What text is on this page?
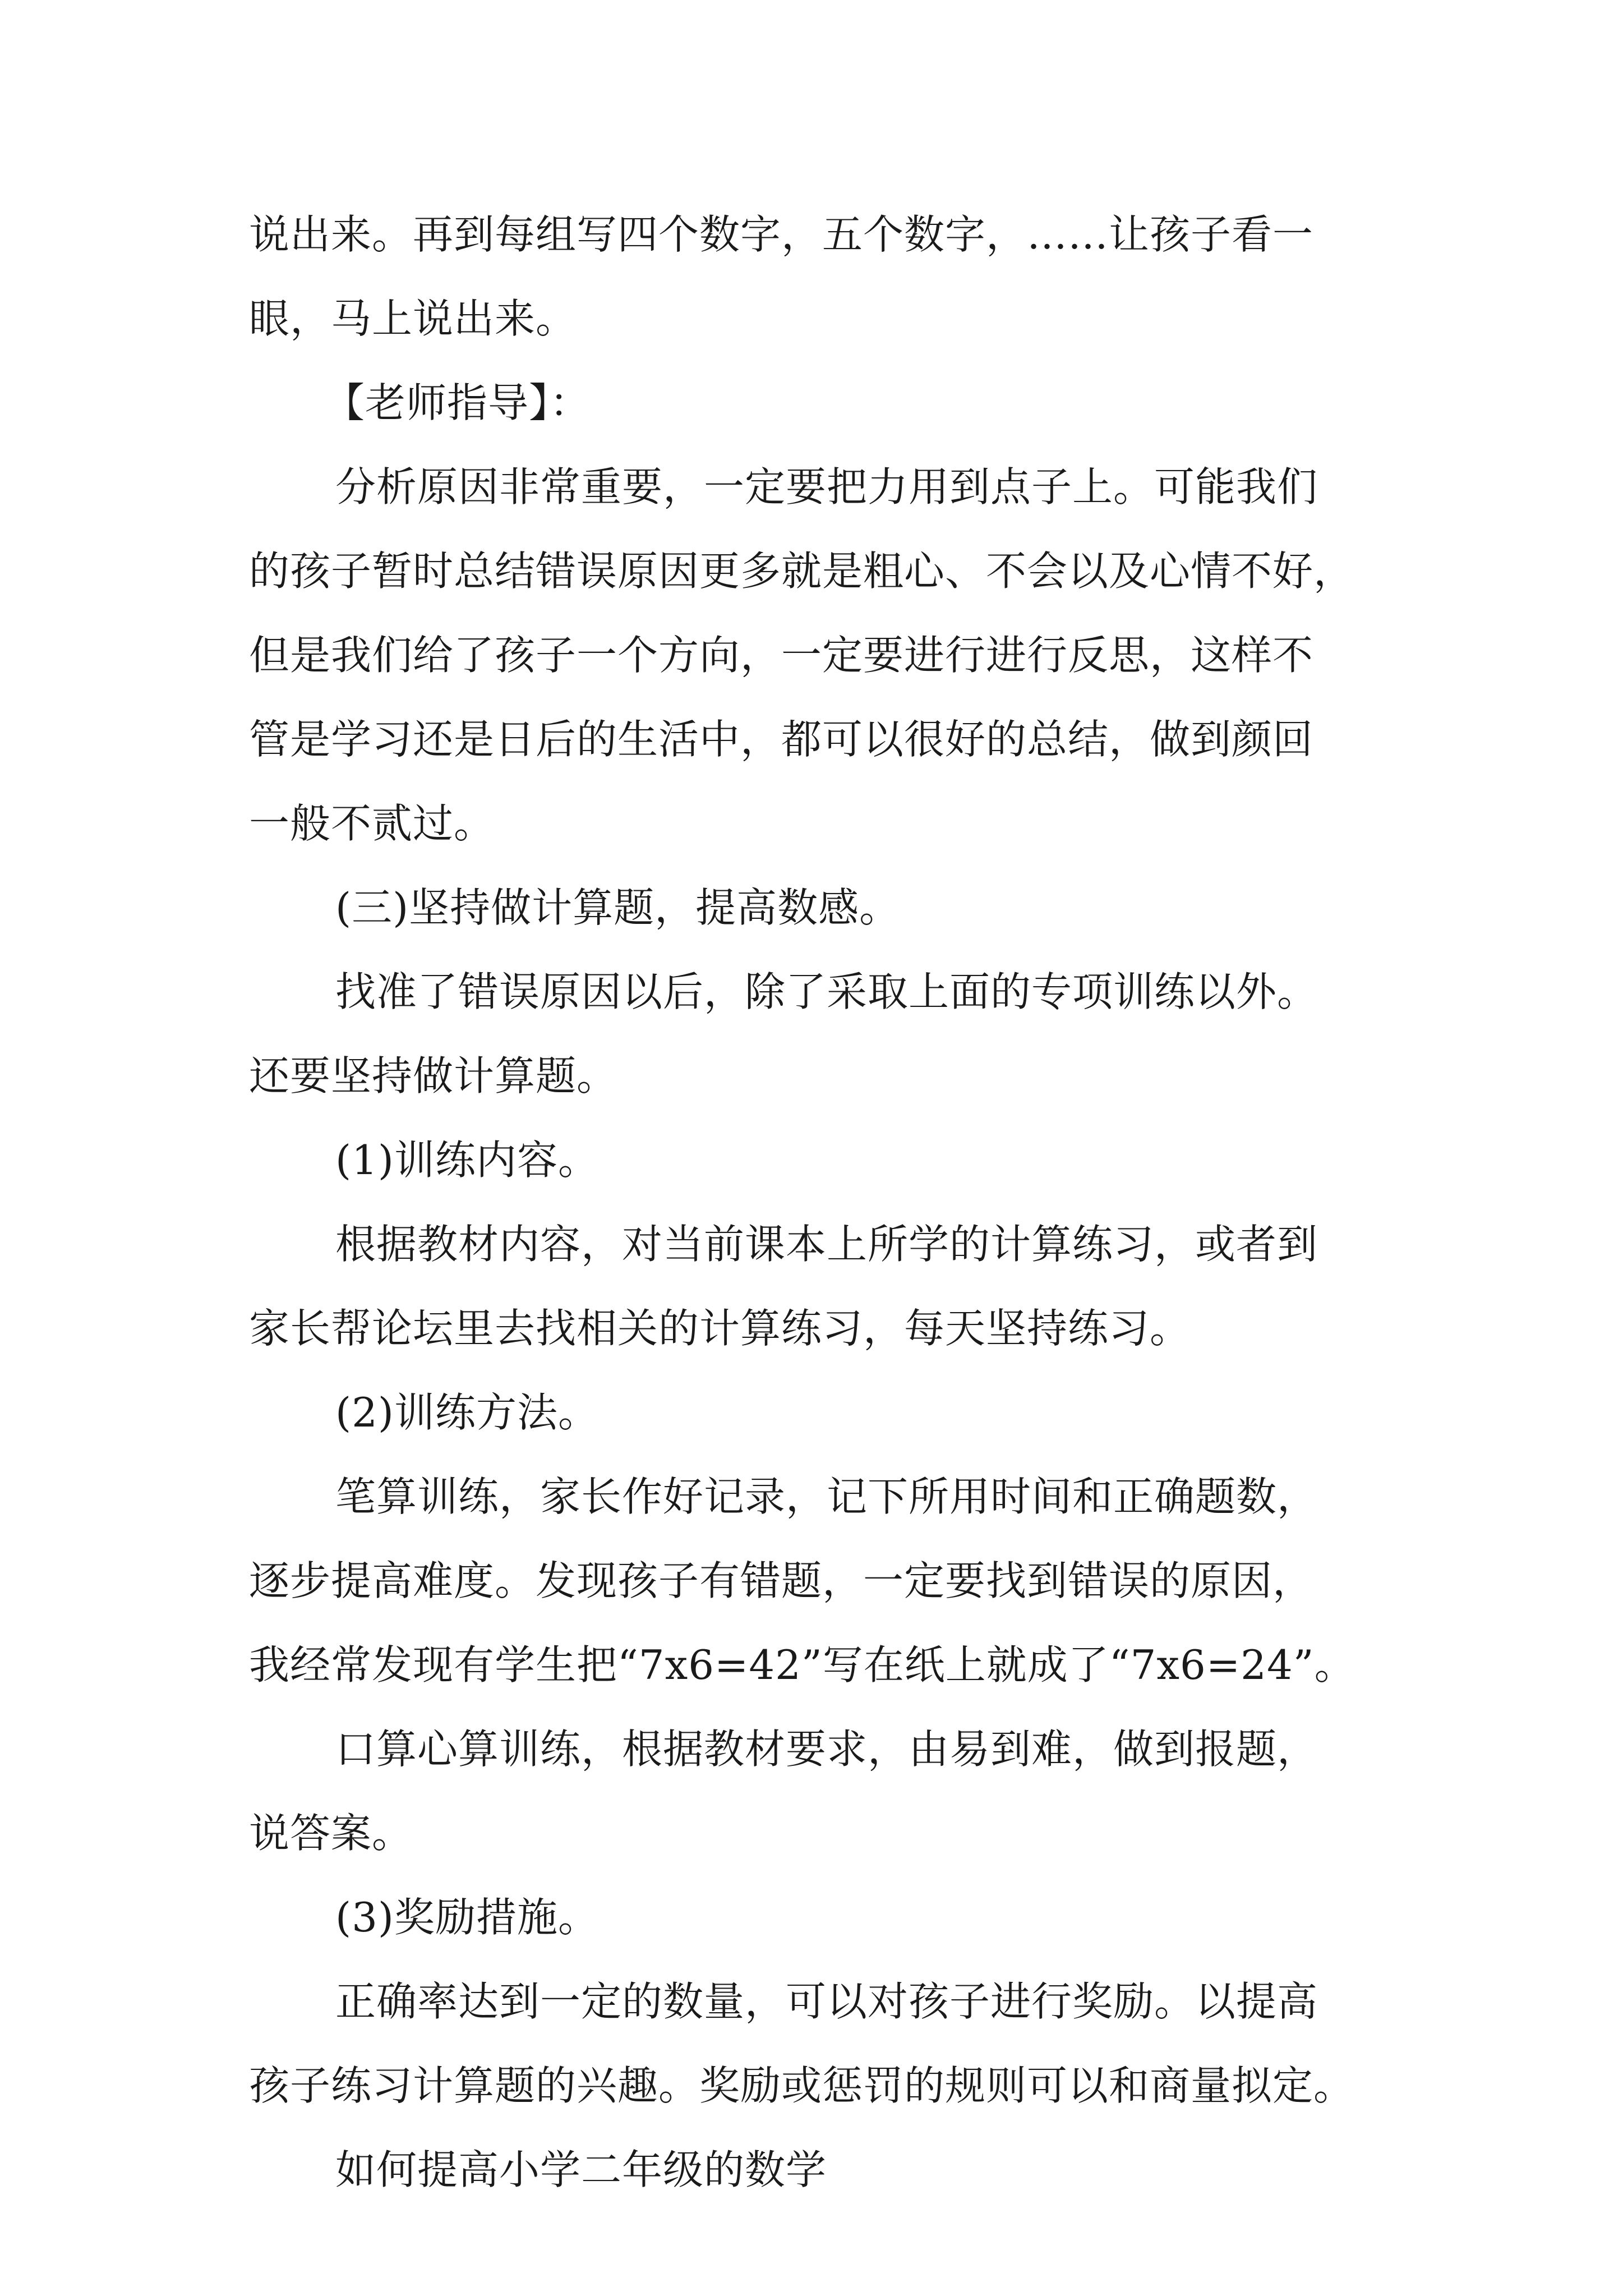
说出来。再到每组写四个数字，五个数字，……让孩子看一

眼，马上说出来。

【老师指导】：

分析原因非常重要，一定要把力用到点子上。可能我们

的孩子暂时总结错误原因更多就是粗心、不会以及心情不好，

但是我们给了孩子一个方向，一定要进行进行反思，这样不

管是学习还是日后的生活中，都可以很好的总结，做到颜回

一般不贰过。

(三)坚持做计算题，提高数感。

找准了错误原因以后，除了采取上面的专项训练以外。

还要坚持做计算题。

(1)训练内容。

根据教材内容，对当前课本上所学的计算练习，或者到

家长帮论坛里去找相关的计算练习，每天坚持练习。

(2)训练方法。

笔算训练，家长作好记录，记下所用时间和正确题数，

逐步提高难度。发现孩子有错题，一定要找到错误的原因，

我经常发现有学生把“7x6=42”写在纸上就成了“7x6=24”。

口算心算训练，根据教材要求，由易到难，做到报题，

说答案。

(3)奖励措施。

正确率达到一定的数量，可以对孩子进行奖励。以提高

孩子练习计算题的兴趣。奖励或惩罚的规则可以和商量拟定。

如何提高小学二年级的数学
